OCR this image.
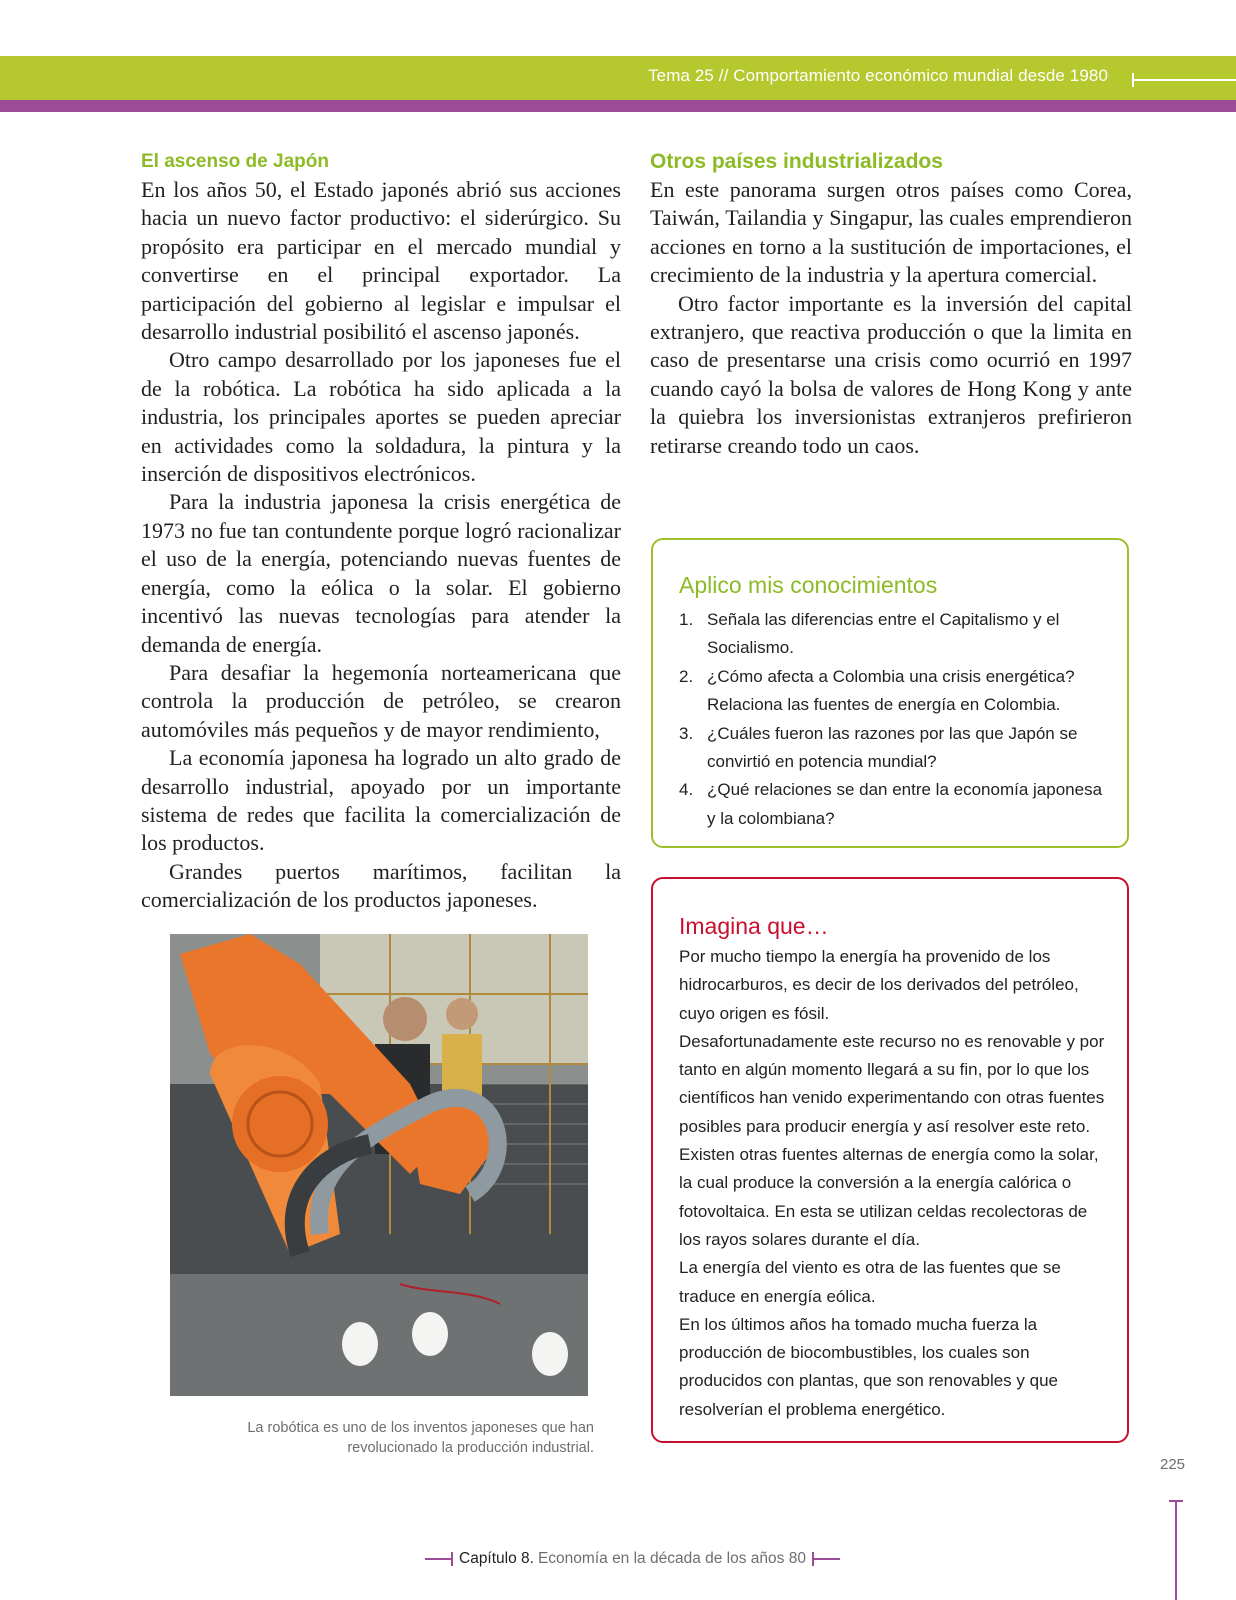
Tema 25 // Comportamiento económico mundial desde 1980
El ascenso de Japón

En los años 50, el Estado japonés abrió sus acciones hacia un nuevo factor productivo: el siderúrgico. Su propósito era participar en el mercado mundial y convertirse en el principal exportador. La participación del gobierno al legislar e impulsar el desarrollo industrial posibilitó el ascenso japonés.

Otro campo desarrollado por los japoneses fue el de la robótica. La robótica ha sido aplicada a la industria, los principales aportes se pueden apreciar en actividades como la soldadura, la pintura y la inserción de dispositivos electrónicos.

Para la industria japonesa la crisis energética de 1973 no fue tan contundente porque logró racionalizar el uso de la energía, potenciando nuevas fuentes de energía, como la eólica o la solar. El gobierno incentivó las nuevas tecnologías para atender la demanda de energía.

Para desafiar la hegemonía norteamericana que controla la producción de petróleo, se crearon automóviles más pequeños y de mayor rendimiento,

La economía japonesa ha logrado un alto grado de desarrollo industrial, apoyado por un importante sistema de redes que facilita la comercialización de los productos.

Grandes puertos marítimos, facilitan la comercialización de los productos japoneses.

La robótica es uno de los inventos japoneses que han
revolucionado la producción industrial.
Otros países industrializados

En este panorama surgen otros países como Corea, Taiwán, Tailandia y Singapur, las cuales emprendieron acciones en torno a la sustitución de importaciones, el crecimiento de la industria y la apertura comercial.

Otro factor importante es la inversión del capital extranjero, que reactiva producción o que la limita en caso de presentarse una crisis como ocurrió en 1997 cuando cayó la bolsa de valores de Hong Kong y ante la quiebra los inversionistas extranjeros prefirieron retirarse creando todo un caos.

Aplico mis conocimientos
1. Señala las diferencias entre el Capitalismo y el
Socialismo.
2. ¿Cómo afecta a Colombia una crisis energética?
Relaciona las fuentes de energía en Colombia.
3. ¿Cuáles fueron las razones por las que Japón se
convirtió en potencia mundial?
4. ¿Qué relaciones se dan entre la economía japonesa
y la colombiana?
Imagina que…

Por mucho tiempo la energía ha provenido de los

hidrocarburos, es decir de los derivados del petróleo,

cuyo origen es fósil.

Desafortunadamente este recurso no es renovable y por

tanto en algún momento llegará a su fin, por lo que los

científicos han venido experimentando con otras fuentes

posibles para producir energía y así resolver este reto.

Existen otras fuentes alternas de energía como la solar,

la cual produce la conversión a la energía calórica o

fotovoltaica. En esta se utilizan celdas recolectoras de

los rayos solares durante el día.

La energía del viento es otra de las fuentes que se

traduce en energía eólica.

En los últimos años ha tomado mucha fuerza la

producción de biocombustibles, los cuales son

producidos con plantas, que son renovables y que

resolverían el problema energético.

225
Capítulo 8. Economía en la década de los años 80
